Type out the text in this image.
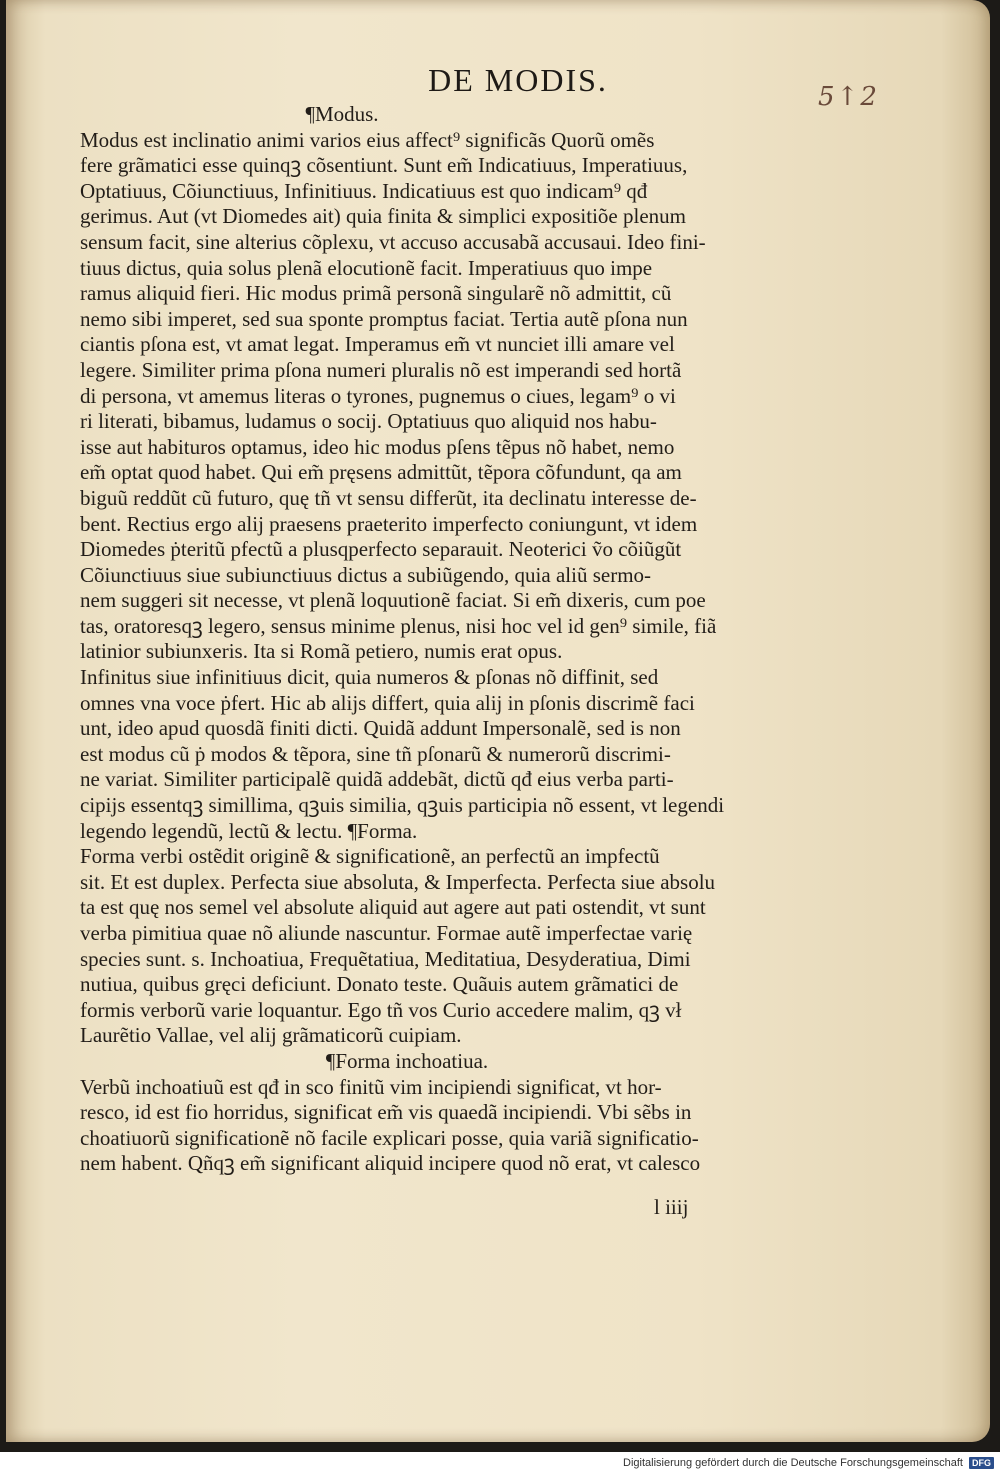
DE MODIS.	5↑2
¶Modus.
Modus est inclinatio animi varios eius affect⁹ significãs Quorũ omẽs
fere grãmatici esse quinqꝫ cõsentiunt. Sunt em̃ Indicatiuus, Imperatiuus,
Optatiuus, Cõiunctiuus, Infinitiuus. Indicatiuus est quo indicam⁹ qđ
gerimus. Aut (vt Diomedes ait) quia finita & simplici expositiõe plenum
sensum facit, sine alterius cõplexu, vt accuso accusabã accusaui. Ideo fini-
tiuus dictus, quia solus plenã elocutionẽ facit. Imperatiuus quo impe
ramus aliquid fieri. Hic modus primã personã singularẽ nõ admittit, cũ
nemo sibi imperet, sed sua sponte promptus faciat. Tertia autẽ pſona nun
ciantis pſona est, vt amat legat. Imperamus em̃ vt nunciet illi amare vel
legere. Similiter prima pſona numeri pluralis nõ est imperandi sed hortã
di persona, vt amemus literas o tyrones, pugnemus o ciues, legam⁹ o vi
ri literati, bibamus, ludamus o socij. Optatiuus quo aliquid nos habu-
isse aut habituros optamus, ideo hic modus pſens tẽpus nõ habet, nemo
em̃ optat quod habet. Qui em̃ pręsens admittũt, tẽpora cõfundunt, qa am
biguũ reddũt cũ futuro, quę tñ vt sensu differũt, ita declinatu interesse de-
bent. Rectius ergo alij praesens praeterito imperfecto coniungunt, vt idem
Diomedes ṗteritũ pfectũ a plusqperfecto separauit. Neoterici ṽo cõiũgũt
Cõiunctiuus siue subiunctiuus dictus a subiũgendo, quia aliũ sermo-
nem suggeri sit necesse, vt plenã loquutionẽ faciat. Si em̃ dixeris, cum poe
tas, oratoresqꝫ legero, sensus minime plenus, nisi hoc vel id gen⁹ simile, fiã
latinior subiunxeris. Ita si Romã petiero, numis erat opus.
Infinitus siue infinitiuus dicit, quia numeros & pſonas nõ diffinit, sed
omnes vna voce ṗfert. Hic ab alijs differt, quia alij in pſonis discrimẽ faci
unt, ideo apud quosdã finiti dicti. Quidã addunt Impersonalẽ, sed is non
est modus cũ ṗ modos & tẽpora, sine tñ pſonarũ & numerorũ discrimi-
ne variat. Similiter participalẽ quidã addebãt, dictũ qđ eius verba parti-
cipijs essentqꝫ simillima, qꝫuis similia, qꝫuis participia nõ essent, vt legendi
legendo legendũ, lectũ & lectu. ¶Forma.
Forma verbi ostẽdit originẽ & significationẽ, an perfectũ an impfectũ
sit. Et est duplex. Perfecta siue absoluta, & Imperfecta. Perfecta siue absolu
ta est quę nos semel vel absolute aliquid aut agere aut pati ostendit, vt sunt
verba pimitiua quae nõ aliunde nascuntur. Formae autẽ imperfectae varię
species sunt. s. Inchoatiua, Frequẽtatiua, Meditatiua, Desyderatiua, Dimi
nutiua, quibus gręci deficiunt. Donato teste. Quãuis autem grãmatici de
formis verborũ varie loquantur. Ego tñ vos Curio accedere malim, qꝫ vł
Laurẽtio Vallae, vel alij grãmaticorũ cuipiam.
¶Forma inchoatiua.
Verbũ inchoatiuũ est qđ in sco finitũ vim incipiendi significat, vt hor-
resco, id est fio horridus, significat em̃ vis quaedã incipiendi. Vbi sẽbs in
choatiuorũ significationẽ nõ facile explicari posse, quia variã significatio-
nem habent. Qñqꝫ em̃ significant aliquid incipere quod nõ erat, vt calesco
l iiij
Digitalisierung gefördert durch die Deutsche Forschungsgemeinschaft	DFG
